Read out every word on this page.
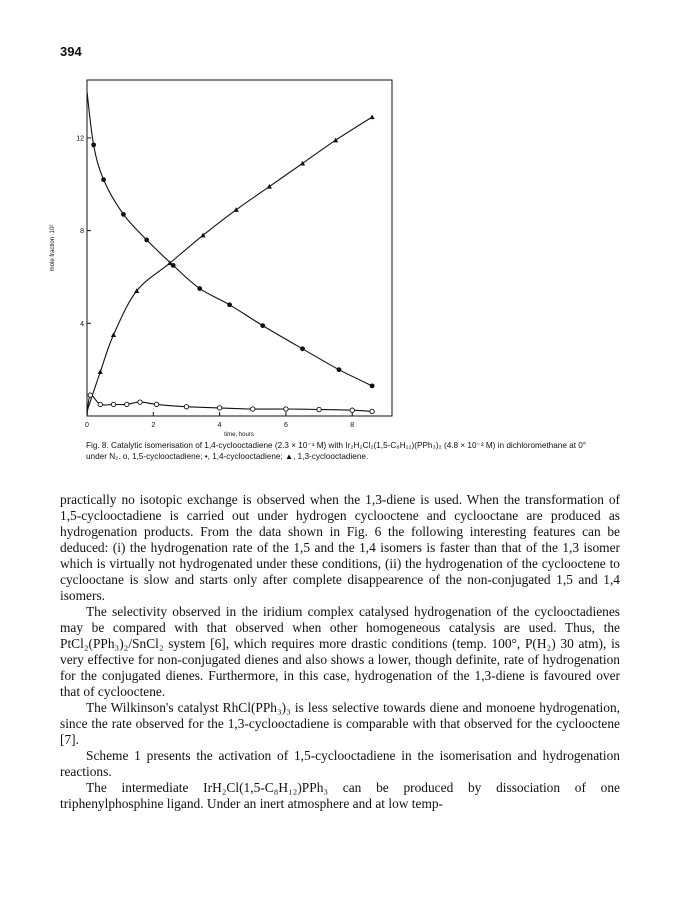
394
0	2	4	6	8
4
8
12
time, hours
mole fraction ·10²
Fig. 8. Catalytic isomerisation of 1,4-cyclooctadiene (2.3 × 10⁻¹ M) with Ir₂H₂Cl₂(1,5-C₈H₁₂)(PPh₃)₂ (4.8 × 10⁻² M) in dichloromethane at 0° under N₂. o, 1,5-cyclooctadiene; •, 1,4-cyclooctadiene; ▲, 1,3-cyclooctadiene.

practically no isotopic exchange is observed when the 1,3-diene is used. When the transformation of 1,5-cyclooctadiene is carried out under hydrogen cyclooctene and cyclooctane are produced as hydrogenation products. From the data shown in Fig. 6 the following interesting features can be deduced: (i) the hydrogenation rate of the 1,5 and the 1,4 isomers is faster than that of the 1,3 isomer which is virtually not hydrogenated under these conditions, (ii) the hydrogenation of the cyclooctene to cyclooctane is slow and starts only after complete disappearence of the non-conjugated 1,5 and 1,4 isomers.

The selectivity observed in the iridium complex catalysed hydrogenation of the cyclooctadienes may be compared with that observed when other homogeneous catalysis are used. Thus, the PtCl₂(PPh₃)₂/SnCl₂ system [6], which requires more drastic conditions (temp. 100°, P(H₂) 30 atm), is very effective for non-conjugated dienes and also shows a lower, though definite, rate of hydrogenation for the conjugated dienes. Furthermore, in this case, hydrogenation of the 1,3-diene is favoured over that of cyclooctene.

The Wilkinson's catalyst RhCl(PPh₃)₃ is less selective towards diene and monoene hydrogenation, since the rate observed for the 1,3-cyclooctadiene is comparable with that observed for the cyclooctene [7].

Scheme 1 presents the activation of 1,5-cyclooctadiene in the isomerisation and hydrogenation reactions.

The intermediate IrH₂Cl(1,5-C₈H₁₂)PPh₃ can be produced by dissociation of one triphenylphosphine ligand. Under an inert atmosphere and at low temp-
